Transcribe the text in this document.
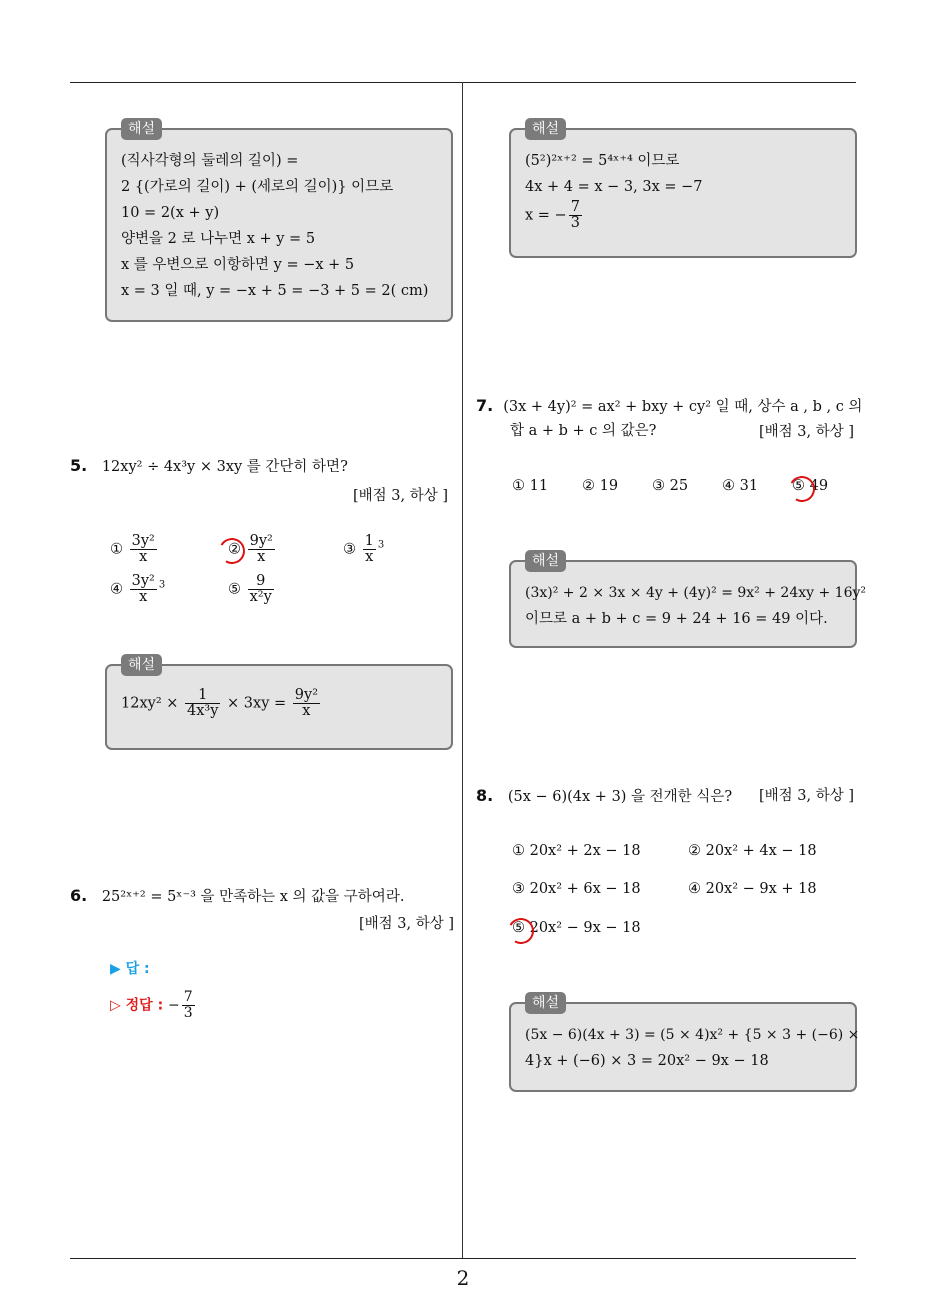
2
해설
(직사각형의 둘레의 길이) =
2 {(가로의 길이) + (세로의 길이)} 이므로
10 = 2(x + y)
양변을 2 로 나누면 x + y = 5
x 를 우변으로 이항하면 y = −x + 5
x = 3 일 때, y = −x + 5 = −3 + 5 = 2( cm)
5. 12xy² ÷ 4x³y × 3xy 를 간단히 하면?
[배점 3, 하상 ]
① $\frac{\text{3y²}}{x}$	② $\frac{\text{9y²}}{x}$	③ $\frac{1}{x} ^3$
④ $\frac{\text{3y²}}{x} ^3$	⑤ $\frac{9}{\text{x²y}}$
해설
$12xy^2 \times \frac{1}{\text{4x³y}} \times 3xy = \frac{\text{9y²}}{x}$
6. 25²ˣ⁺² = 5ˣ⁻³ 을 만족하는 x 의 값을 구하여라.
[배점 3, 하상 ]
▶ 답 :
▷ 정답 : − $\frac{7}{3}$
해설
(5²)²ˣ⁺² = 5⁴ˣ⁺⁴ 이므로
4x + 4 = x − 3, 3x = −7
x = − $\frac{7}{3}$
7. (3x + 4y)² = ax² + bxy + cy² 일 때, 상수 a , b , c 의
합 a + b + c 의 값은?	[배점 3, 하상 ]
① 11 ② 19 ③ 25 ④ 31 ⑤ 49
해설
(3x)² + 2 × 3x × 4y + (4y)² = 9x² + 24xy + 16y²
이므로 a + b + c = 9 + 24 + 16 = 49 이다.
8. (5x − 6)(4x + 3) 을 전개한 식은? [배점 3, 하상 ]
① 20x² + 2x − 18	② 20x² + 4x − 18
③ 20x² + 6x − 18	④ 20x² − 9x + 18
⑤ 20x² − 9x − 18
해설
(5x − 6)(4x + 3) = (5 × 4)x² + {5 × 3 + (−6) ×
4}x + (−6) × 3 = 20x² − 9x − 18
